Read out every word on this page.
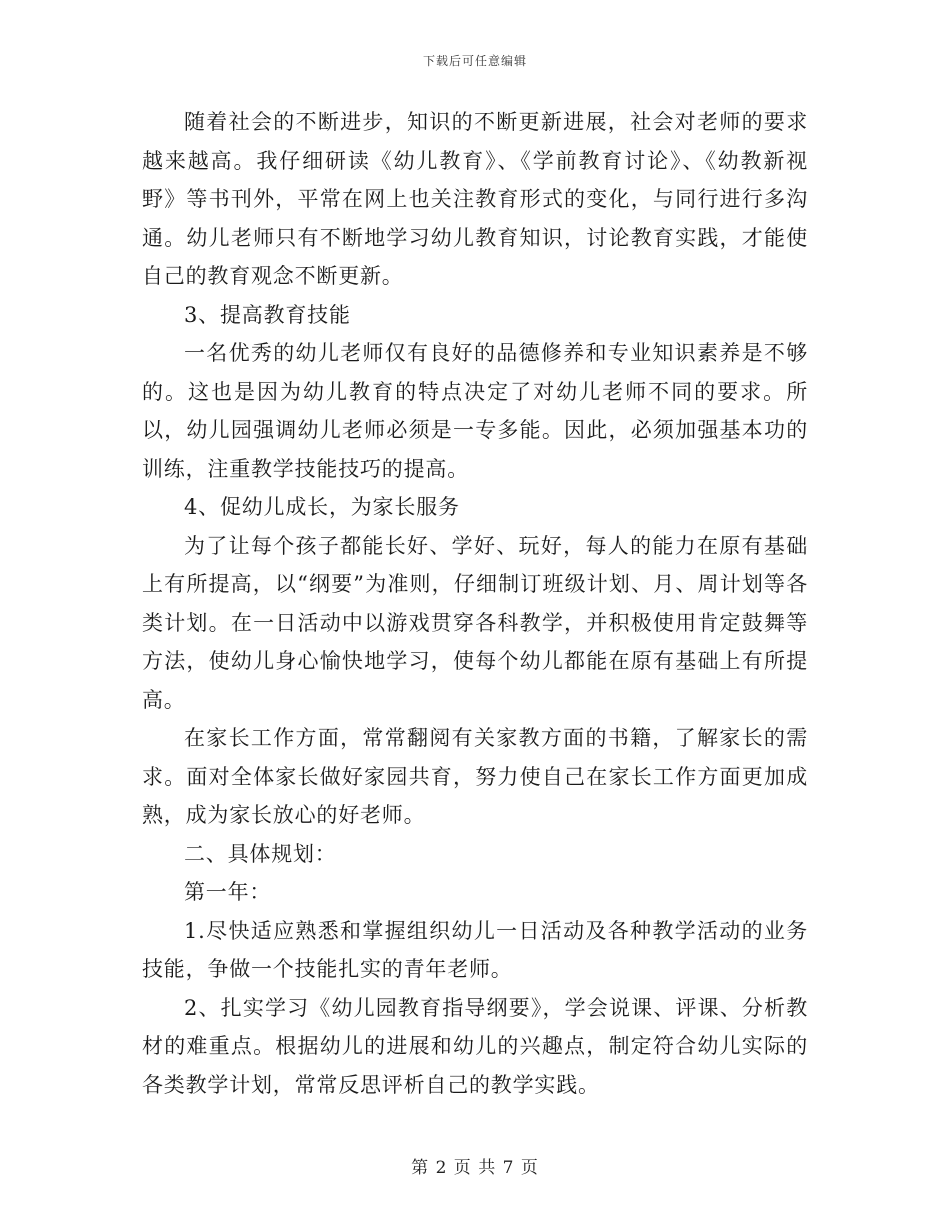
下载后可任意编辑

随着社会的不断进步，知识的不断更新进展，社会对老师的要求越来越高。我仔细研读《幼儿教育》、《学前教育讨论》、《幼教新视野》等书刊外，平常在网上也关注教育形式的变化，与同行进行多沟通。幼儿老师只有不断地学习幼儿教育知识，讨论教育实践，才能使自己的教育观念不断更新。

3、提高教育技能

一名优秀的幼儿老师仅有良好的品德修养和专业知识素养是不够的。这也是因为幼儿教育的特点决定了对幼儿老师不同的要求。所以，幼儿园强调幼儿老师必须是一专多能。因此，必须加强基本功的训练，注重教学技能技巧的提高。

4、促幼儿成长，为家长服务

为了让每个孩子都能长好、学好、玩好，每人的能力在原有基础上有所提高，以“纲要”为准则，仔细制订班级计划、月、周计划等各类计划。在一日活动中以游戏贯穿各科教学，并积极使用肯定鼓舞等方法，使幼儿身心愉快地学习，使每个幼儿都能在原有基础上有所提高。

在家长工作方面，常常翻阅有关家教方面的书籍，了解家长的需求。面对全体家长做好家园共育，努力使自己在家长工作方面更加成熟，成为家长放心的好老师。

二、具体规划：

第一年：

1.尽快适应熟悉和掌握组织幼儿一日活动及各种教学活动的业务技能，争做一个技能扎实的青年老师。

2、扎实学习《幼儿园教育指导纲要》，学会说课、评课、分析教材的难重点。根据幼儿的进展和幼儿的兴趣点，制定符合幼儿实际的各类教学计划，常常反思评析自己的教学实践。

第 2 页 共 7 页
